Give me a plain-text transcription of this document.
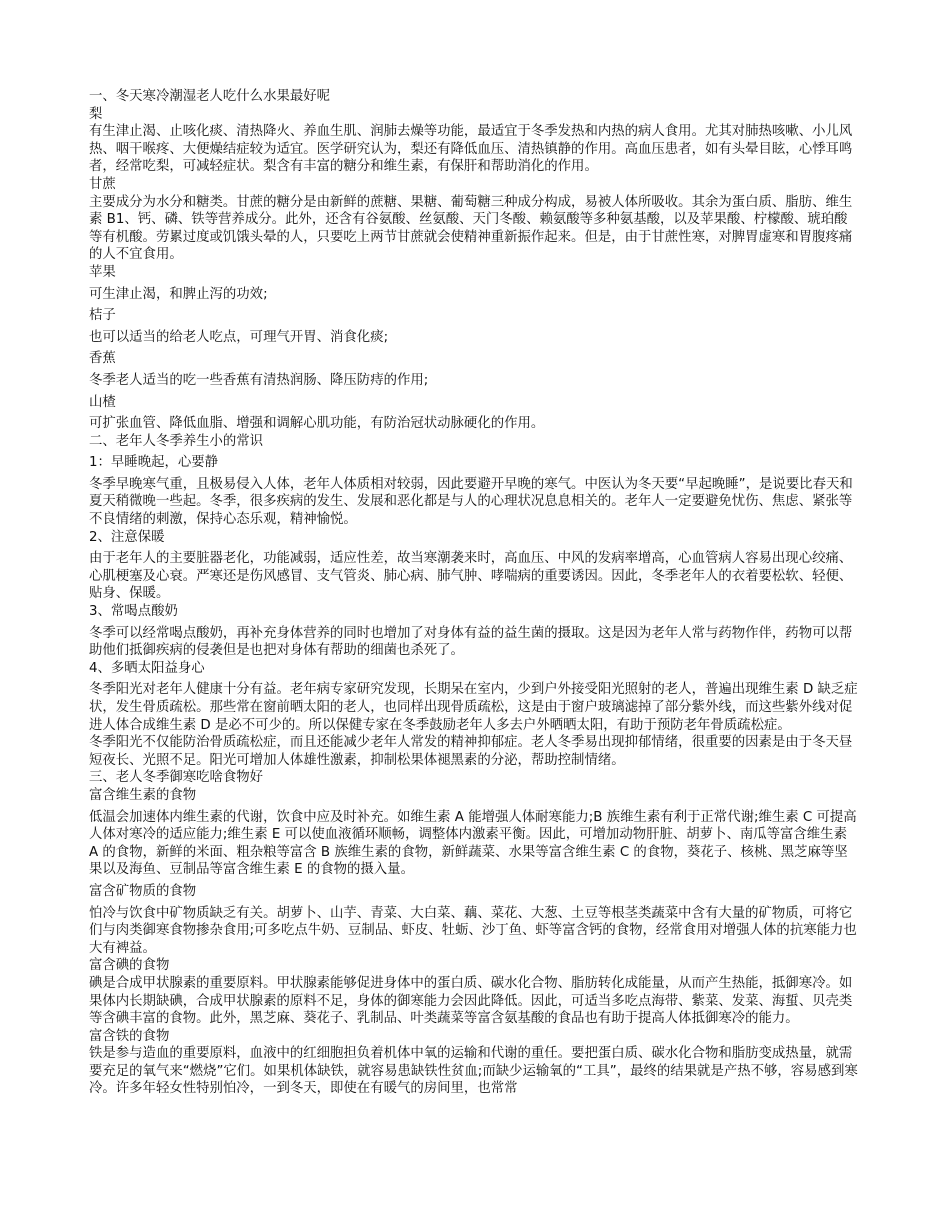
一、冬天寒冷潮湿老人吃什么水果最好呢

梨

有生津止渴、止咳化痰、清热降火、养血生肌、润肺去燥等功能，最适宜于冬季发热和内热的病人食用。尤其对肺热咳嗽、小儿风热、咽干喉疼、大便燥结症较为适宜。医学研究认为，梨还有降低血压、清热镇静的作用。高血压患者，如有头晕目眩，心悸耳鸣者，经常吃梨，可减轻症状。梨含有丰富的糖分和维生素，有保肝和帮助消化的作用。

甘蔗

主要成分为水分和糖类。甘蔗的糖分是由新鲜的蔗糖、果糖、葡萄糖三种成分构成，易被人体所吸收。其余为蛋白质、脂肪、维生素 B1、钙、磷、铁等营养成分。此外，还含有谷氨酸、丝氨酸、天门冬酸、赖氨酸等多种氨基酸，以及苹果酸、柠檬酸、琥珀酸等有机酸。劳累过度或饥饿头晕的人，只要吃上两节甘蔗就会使精神重新振作起来。但是，由于甘蔗性寒，对脾胃虚寒和胃腹疼痛的人不宜食用。

苹果

可生津止渴，和脾止泻的功效;

桔子

也可以适当的给老人吃点，可理气开胃、消食化痰;

香蕉

冬季老人适当的吃一些香蕉有清热润肠、降压防痔的作用;

山楂

可扩张血管、降低血脂、增强和调解心肌功能，有防治冠状动脉硬化的作用。

二、老年人冬季养生小的常识

1：早睡晚起，心要静

冬季早晚寒气重，且极易侵入人体，老年人体质相对较弱，因此要避开早晚的寒气。中医认为冬天要“早起晚睡”，是说要比春天和夏天稍微晚一些起。冬季，很多疾病的发生、发展和恶化都是与人的心理状况息息相关的。老年人一定要避免忧伤、焦虑、紧张等不良情绪的刺激，保持心态乐观，精神愉悦。

2、注意保暖

由于老年人的主要脏器老化，功能减弱，适应性差，故当寒潮袭来时，高血压、中风的发病率增高，心血管病人容易出现心绞痛、心肌梗塞及心衰。严寒还是伤风感冒、支气管炎、肺心病、肺气肿、哮喘病的重要诱因。因此，冬季老年人的衣着要松软、轻便、贴身、保暖。

3、常喝点酸奶

冬季可以经常喝点酸奶，再补充身体营养的同时也增加了对身体有益的益生菌的摄取。这是因为老年人常与药物作伴，药物可以帮助他们抵御疾病的侵袭但是也把对身体有帮助的细菌也杀死了。

4、多晒太阳益身心

冬季阳光对老年人健康十分有益。老年病专家研究发现，长期呆在室内，少到户外接受阳光照射的老人，普遍出现维生素 D 缺乏症状，发生骨质疏松。那些常在窗前晒太阳的老人，也同样出现骨质疏松，这是由于窗户玻璃滤掉了部分紫外线，而这些紫外线对促进人体合成维生素 D 是必不可少的。所以保健专家在冬季鼓励老年人多去户外晒晒太阳，有助于预防老年骨质疏松症。

冬季阳光不仅能防治骨质疏松症，而且还能减少老年人常发的精神抑郁症。老人冬季易出现抑郁情绪，很重要的因素是由于冬天昼短夜长、光照不足。阳光可增加人体雄性激素，抑制松果体褪黑素的分泌，帮助控制情绪。

三、老人冬季御寒吃啥食物好

富含维生素的食物

低温会加速体内维生素的代谢，饮食中应及时补充。如维生素 A 能增强人体耐寒能力;B 族维生素有利于正常代谢;维生素 C 可提高人体对寒冷的适应能力;维生素 E 可以使血液循环顺畅，调整体内激素平衡。因此，可增加动物肝脏、胡萝卜、南瓜等富含维生素 A 的食物，新鲜的米面、粗杂粮等富含 B 族维生素的食物，新鲜蔬菜、水果等富含维生素 C 的食物，葵花子、核桃、黑芝麻等坚果以及海鱼、豆制品等富含维生素 E 的食物的摄入量。

富含矿物质的食物

怕冷与饮食中矿物质缺乏有关。胡萝卜、山芋、青菜、大白菜、藕、菜花、大葱、土豆等根茎类蔬菜中含有大量的矿物质，可将它们与肉类御寒食物掺杂食用;可多吃点牛奶、豆制品、虾皮、牡蛎、沙丁鱼、虾等富含钙的食物，经常食用对增强人体的抗寒能力也大有裨益。

富含碘的食物

碘是合成甲状腺素的重要原料。甲状腺素能够促进身体中的蛋白质、碳水化合物、脂肪转化成能量，从而产生热能，抵御寒冷。如果体内长期缺碘，合成甲状腺素的原料不足，身体的御寒能力会因此降低。因此，可适当多吃点海带、紫菜、发菜、海蜇、贝壳类等含碘丰富的食物。此外，黑芝麻、葵花子、乳制品、叶类蔬菜等富含氨基酸的食品也有助于提高人体抵御寒冷的能力。

富含铁的食物

铁是参与造血的重要原料，血液中的红细胞担负着机体中氧的运输和代谢的重任。要把蛋白质、碳水化合物和脂肪变成热量，就需要充足的氧气来“燃烧”它们。如果机体缺铁，就容易患缺铁性贫血;而缺少运输氧的“工具”，最终的结果就是产热不够，容易感到寒冷。许多年轻女性特别怕冷，一到冬天，即使在有暖气的房间里，也常常
